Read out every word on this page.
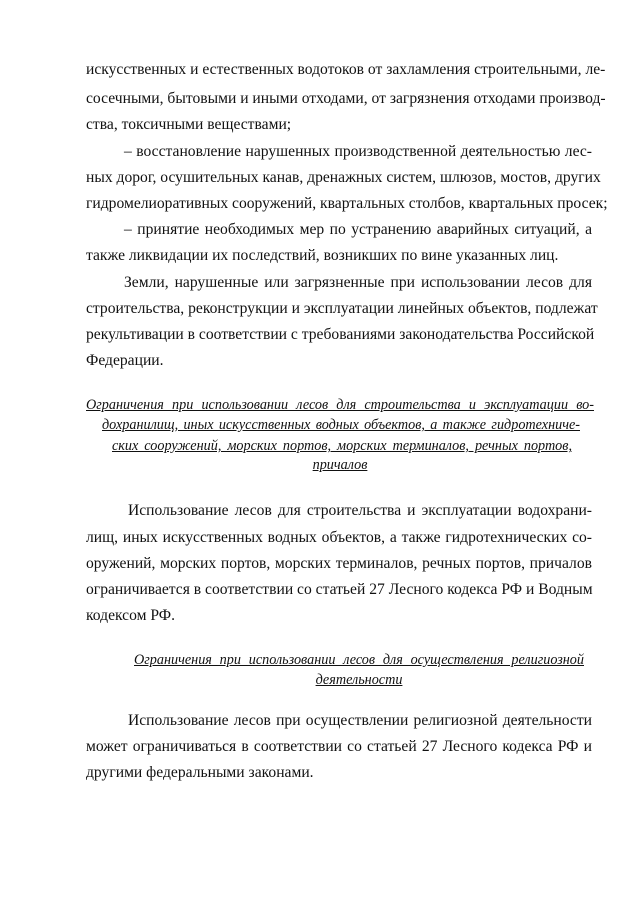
искусственных и естественных водотоков от захламления строительными, ле-
сосечными, бытовыми и иными отходами, от загрязнения отходами производ-
ства, токсичными веществами;
– восстановление нарушенных производственной деятельностью лес-
ных дорог, осушительных канав, дренажных систем, шлюзов, мостов, других
гидромелиоративных сооружений, квартальных столбов, квартальных просек;
– принятие необходимых мер по устранению аварийных ситуаций, а
также ликвидации их последствий, возникших по вине указанных лиц.
Земли, нарушенные или загрязненные при использовании лесов для
строительства, реконструкции и эксплуатации линейных объектов, подлежат
рекультивации в соответствии с требованиями законодательства Российской
Федерации.
Ограничения при использовании лесов для строительства и эксплуатации во-
дохранилищ, иных искусственных водных объектов, а также гидротехниче-
ских сооружений, морских портов, морских терминалов, речных портов,
причалов
Использование лесов для строительства и эксплуатации водохрани-
лищ, иных искусственных водных объектов, а также гидротехнических со-
оружений, морских портов, морских терминалов, речных портов, причалов
ограничивается в соответствии со статьей 27 Лесного кодекса РФ и Водным
кодексом РФ.
Ограничения при использовании лесов для осуществления религиозной
деятельности
Использование лесов при осуществлении религиозной деятельности
может ограничиваться в соответствии со статьей 27 Лесного кодекса РФ и
другими федеральными законами.
